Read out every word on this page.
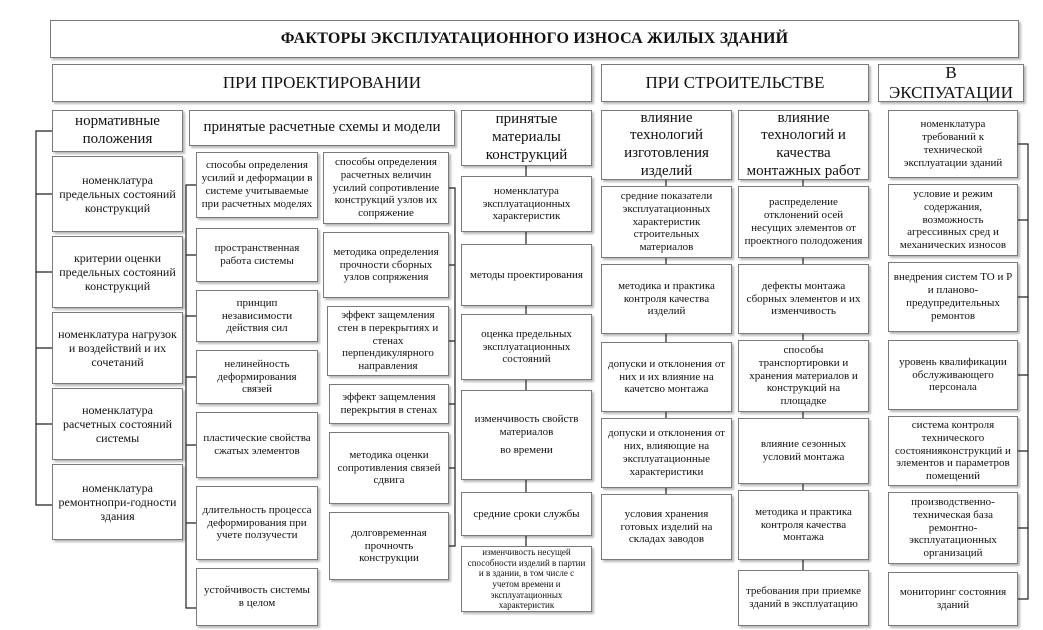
ФАКТОРЫ ЭКСПЛУАТАЦИОННОГО ИЗНОСА ЖИЛЫХ ЗДАНИЙ
ПРИ ПРОЕКТИРОВАНИИ	ПРИ СТРОИТЕЛЬСТВЕ
В ЭКСПУАТАЦИИ
нормативные положения
номенклатура предельных состояний конструкций
критерии оценки предельных состояний конструкций
номенклатура нагрузок и воздействий и их сочетаний
номенклатура расчетных состояний системы
номенклатура ремонтнопри-годности здания
принятые расчетные схемы и модели
способы определения усилий и деформации в системе учитываемые при расчетных моделях
пространственная работа системы
принцип независимости действия сил
нелинейность деформирования связей
пластические свойства сжатых элементов
длительность процесса деформирования при учете ползучести
устойчивость системы в целом
способы определения расчетных величин усилий сопротивление конструкций узлов их сопряжение
методика определения прочности сборных узлов сопряжения
эффект защемления стен в перекрытиях и стенах перпендикулярного направления
эффект защемления перекрытия в стенах
методика оценки сопротивления связей сдвига
долговременная прочночть конструкции
принятые материалы конструкций
номенклатура эксплуатационных характеристик
методы проектирования
оценка предельных эксплуатационных состояний
изменчивость свойств материалов
во времени
средние сроки службы
изменчивость несущей способности изделий в партии и в здании, в том числе с учетом времени и эксплуатационных характеристик
влияние технологий изготовления изделий
средние показатели эксплуатационных характеристик строительных материалов
методика и практика контроля качества изделий
допуски и отклонения от них и их влияние на качетсво монтажа
допуски и отклонения от них, влияющие на эксплуатационные характеристики
условия хранения готовых изделий на складах заводов
влияние технологий и качества монтажных работ
распределение отклонений осей несущих элементов от проектного полодожения
дефекты монтажа сборных элементов и их изменчивость
способы транспортировки и хранения материалов и конструкций на площадке
влияние сезонных условий монтажа
методика и практика контроля качества монтажа
требования при приемке зданий в эксплуатацию
номенклатура требований к технической эксплуатации зданий
условие и режим содержания, возможность агрессивных сред и механических износов
внедрения систем ТО и Р и планово-предупредительных ремонтов
уровень квалификации обслуживающего персонала
система контроля технического состоянияконструкций и элементов и параметров помещений
производственно-техническая база ремонтно-эксплуатационных организаций
мониторинг состояния зданий
